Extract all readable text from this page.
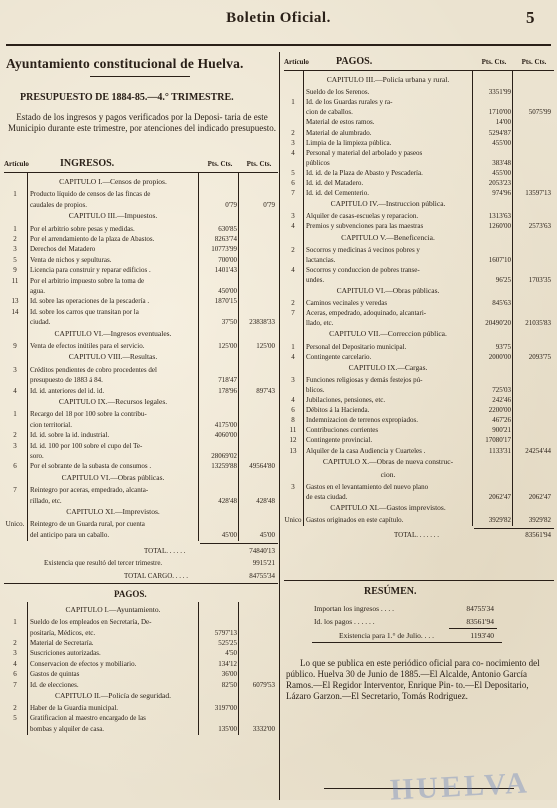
Boletin Oficial.	5
Ayuntamiento constitucional de Huelva.
PRESUPUESTO DE 1884-85.—4.° TRIMESTRE.
Estado de los ingresos y pagos verificados por la Deposi- taria de este Municipio durante este trimestre, por atenciones del indicado presupuesto.
Artículo	INGRESOS.	Pts. Cts.	Pts. Cts.
CAPITULO I.—Censos de propios.
1	Producto líquido de censos de las fincas de
caudales de propios.	0'79	0'79
CAPITULO III.—Impuestos.
1	Por el arbitrio sobre pesas y medidas.	630'85
2	Por el arrendamiento de la plaza de Abastos.	8263'74
3	Derechos del Matadero	10773'99
5	Venta de nichos y sepulturas.	700'00
9	Licencia para construir y reparar edificios .	1401'43
11	Por el arbitrio impuesto sobre la toma de
agua.	450'00
13	Id. sobre las operaciones de la pescadería .	1870'15
14	Id. sobre los carros que transitan por la
ciudad.	37'50	23838'33
CAPITULO VI.—Ingresos eventuales.
9	Venta de efectos inútiles para el servicio.	125'00	125'00
CAPITULO VIII.—Resultas.
3	Créditos pendientes de cobro procedentes del
presupuesto de 1883 á 84.	718'47
4	Id. id. anteriores del id. id.	178'96	897'43
CAPITULO IX.—Recursos legales.
1	Recargo del 18 por 100 sobre la contribu-
cion territorial.	4175'00
2	Id. id. sobre la id. industrial.	4060'00
3	Id. id. 100 por 100 sobre el cupo del Te-
soro.	28069'02
6	Por el sobrante de la subasta de consumos .	13259'88	49564'80
CAPITULO VI.—Obras públicas.
7	Reintegro por aceras, empedrado, alcanta-
rillado, etc.	428'48	428'48
CAPITULO XI.—Imprevistos.
Unico. Reintegro de un Guarda rural, por cuenta
del anticipo para un caballo.	45'00	45'00
TOTAL. . . . . .	74840'13
Existencia que resultó del tercer trimestre.	9915'21
TOTAL CARGO. . . . .	84755'34
PAGOS.
CAPITULO I.—Ayuntamiento.
1	Sueldo de los empleados en Secretaría, De-
positaría, Médicos, etc.	5797'13
2	Material de Secretaría.	525'25
3	Suscriciones autorizadas.	4'50
4	Conservacion de efectos y mobiliario.	134'12
6	Gastos de quintas	36'00
7	Id. de elecciones.	82'50	6079'53
CAPITULO II.—Policía de seguridad.
2	Haber de la Guardia municipal.	3197'00
5	Gratificacion al maestro encargado de las
bombas y alquiler de casa.	135'00	3332'00
Artículo	PAGOS.	Pts. Cts.	Pts. Cts.
CAPITULO III.—Policía urbana y rural.
Sueldo de los Serenos.	3351'99
1	Id. de los Guardas rurales y ra-
cion de caballos.	1710'00	5075'99
Material de estos ramos.	14'00
2	Material de alumbrado.	5294'87
3	Limpia de la limpieza pública.	455'00
4	Personal y material del arbolado y paseos
públicos	383'48
5	Id. id. de la Plaza de Abasto y Pescadería.	455'00
6	Id. id. del Matadero.	2053'23
7	Id. id. del Cementerio.	974'96	13597'13
CAPITULO IV.—Instruccion pública.
3	Alquiler de casas-escuelas y reparacion.	1313'63
4	Premios y subvenciones para las maestras	1260'00	2573'63
CAPITULO V.—Beneficencia.
2	Socorros y medicinas á vecinos pobres y
lactancias.	1607'10
4	Socorros y conduccion de pobres transe-
undes.	96'25	1703'35
CAPITULO VI.—Obras públicas.
2	Caminos vecinales y veredas	845'63
7	Aceras, empedrado, adoquinado, alcantari-
llado, etc.	20490'20	21035'83
CAPITULO VII.—Correccion pública.
1	Personal del Depositario municipal.	93'75
4	Contingente carcelario.	2000'00	2093'75
CAPITULO IX.—Cargas.
3	Funciones religiosas y demás festejos pú-
blicos.	725'03
4	Jubilaciones, pensiones, etc.	242'46
6	Débitos á la Hacienda.	2200'00
8	Indemnizacion de terrenos expropiados.	467'26
11	Contribuciones corrientes	900'21
12	Contingente provincial.	17080'17
13	Alquiler de la casa Audiencia y Cuarteles .	1133'31	24254'44
CAPITULO X.—Obras de nueva construc-
cion.
3	Gastos en el levantamiento del nuevo plano
de esta ciudad.	2062'47	2062'47
CAPITULO XI.—Gastos imprevistos.
Unico Gastos originados en este capítulo.	3929'82	3929'82
TOTAL. . . . . . .	83561'94
RESÚMEN.
Importan los ingresos . . . .	84755'34
Id. los pagos . . . . . .	83561'94
Existencia para 1.° de Julio. . . .	1193'40
Lo que se publica en este periódico oficial para co- nocimiento del público. Huelva 30 de Junio de 1885.—El Alcalde, Antonio García Ramos.—El Regidor Interventor, Enrique Pin- to.—El Depositario, Lázaro Garzon.—El Secretario, Tomás Rodriguez.
HUELVA
